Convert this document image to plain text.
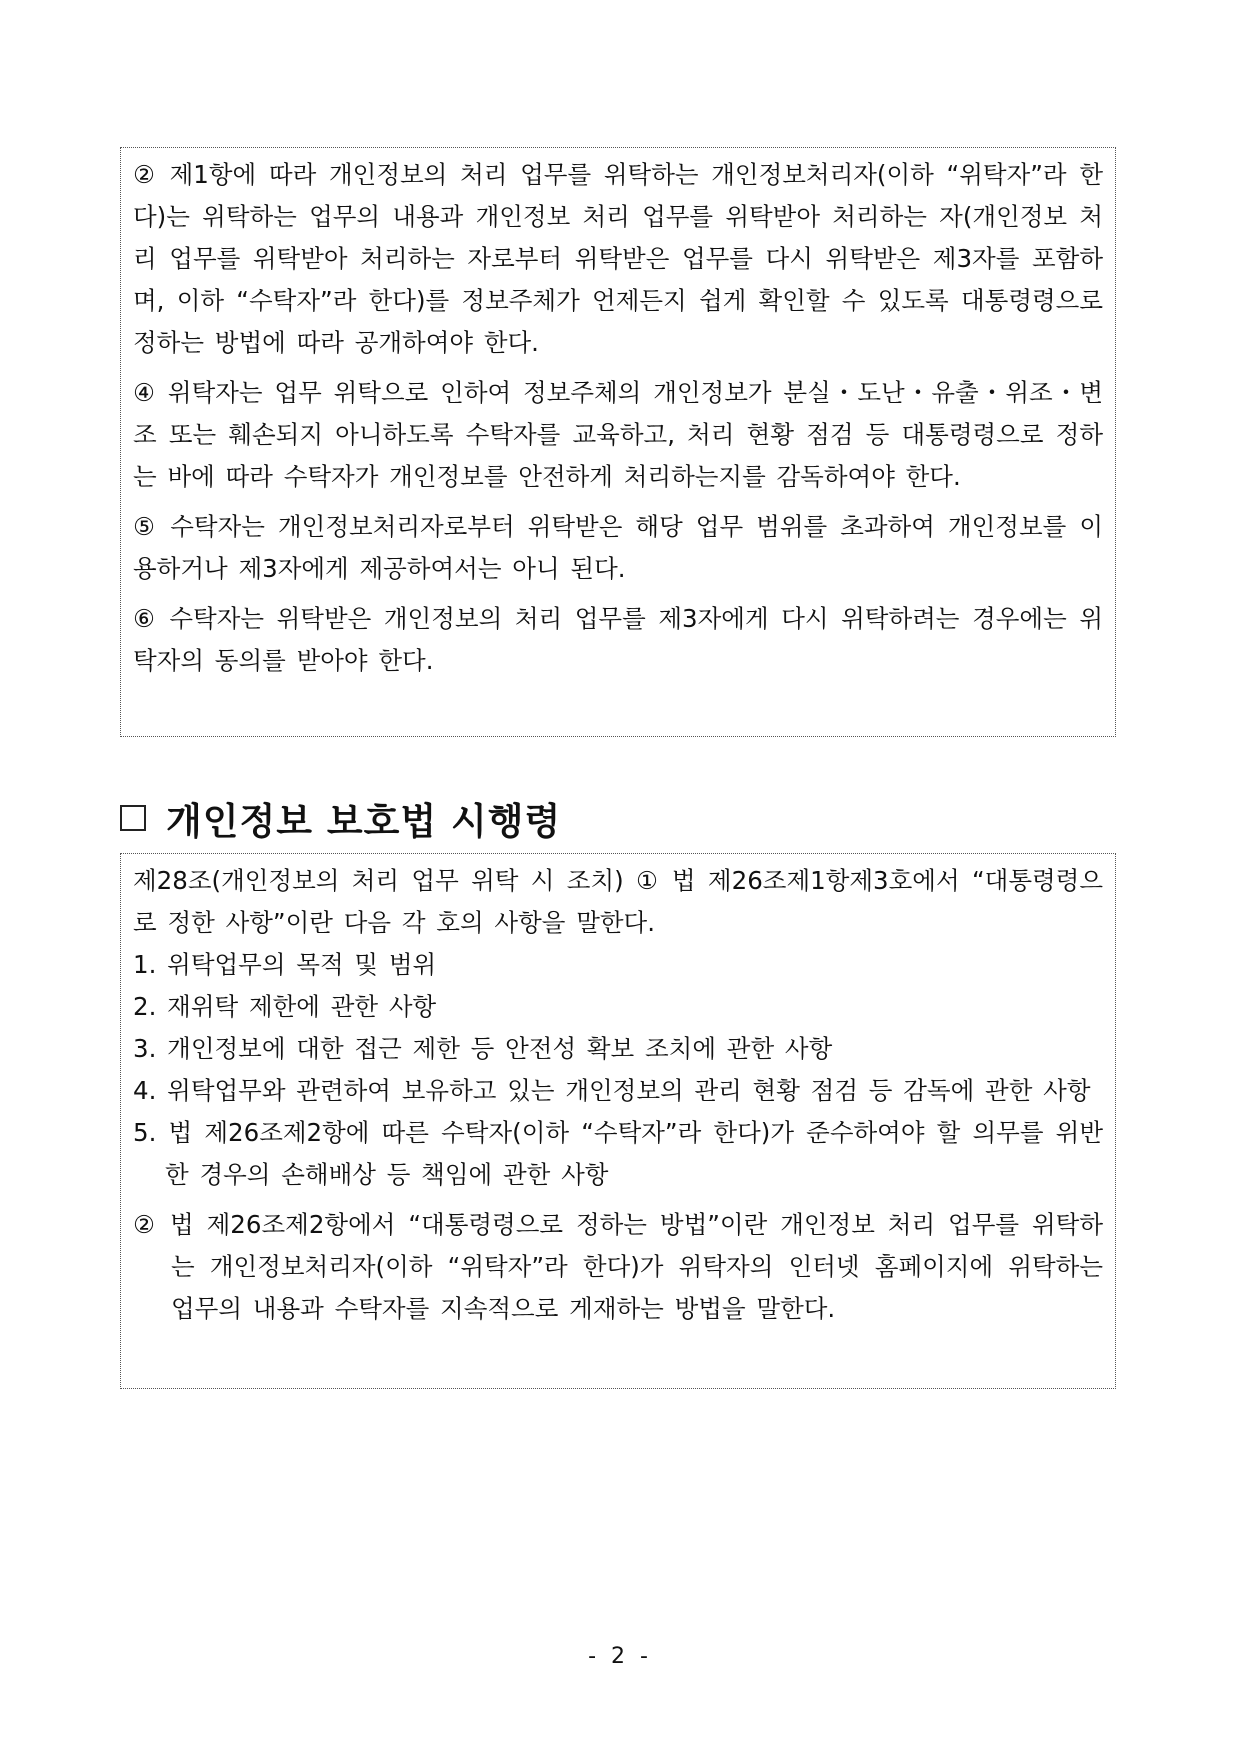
② 제1항에 따라 개인정보의 처리 업무를 위탁하는 개인정보처리자(이하 “위탁자”라 한다)는 위탁하는 업무의 내용과 개인정보 처리 업무를 위탁받아 처리하는 자(개인정보 처리 업무를 위탁받아 처리하는 자로부터 위탁받은 업무를 다시 위탁받은 제3자를 포함하며, 이하 “수탁자”라 한다)를 정보주체가 언제든지 쉽게 확인할 수 있도록 대통령령으로 정하는 방법에 따라 공개하여야 한다.

④ 위탁자는 업무 위탁으로 인하여 정보주체의 개인정보가 분실・도난・유출・위조・변조 또는 훼손되지 아니하도록 수탁자를 교육하고, 처리 현황 점검 등 대통령령으로 정하는 바에 따라 수탁자가 개인정보를 안전하게 처리하는지를 감독하여야 한다.

⑤ 수탁자는 개인정보처리자로부터 위탁받은 해당 업무 범위를 초과하여 개인정보를 이용하거나 제3자에게 제공하여서는 아니 된다.

⑥ 수탁자는 위탁받은 개인정보의 처리 업무를 제3자에게 다시 위탁하려는 경우에는 위탁자의 동의를 받아야 한다.

개인정보 보호법 시행령

제28조(개인정보의 처리 업무 위탁 시 조치) ① 법 제26조제1항제3호에서 “대통령령으로 정한 사항”이란 다음 각 호의 사항을 말한다.

1. 위탁업무의 목적 및 범위

2. 재위탁 제한에 관한 사항

3. 개인정보에 대한 접근 제한 등 안전성 확보 조치에 관한 사항

4. 위탁업무와 관련하여 보유하고 있는 개인정보의 관리 현황 점검 등 감독에 관한 사항

5. 법 제26조제2항에 따른 수탁자(이하 “수탁자”라 한다)가 준수하여야 할 의무를 위반한 경우의 손해배상 등 책임에 관한 사항

② 법 제26조제2항에서 “대통령령으로 정하는 방법”이란 개인정보 처리 업무를 위탁하는 개인정보처리자(이하 “위탁자”라 한다)가 위탁자의 인터넷 홈페이지에 위탁하는 업무의 내용과 수탁자를 지속적으로 게재하는 방법을 말한다.

- 2 -
